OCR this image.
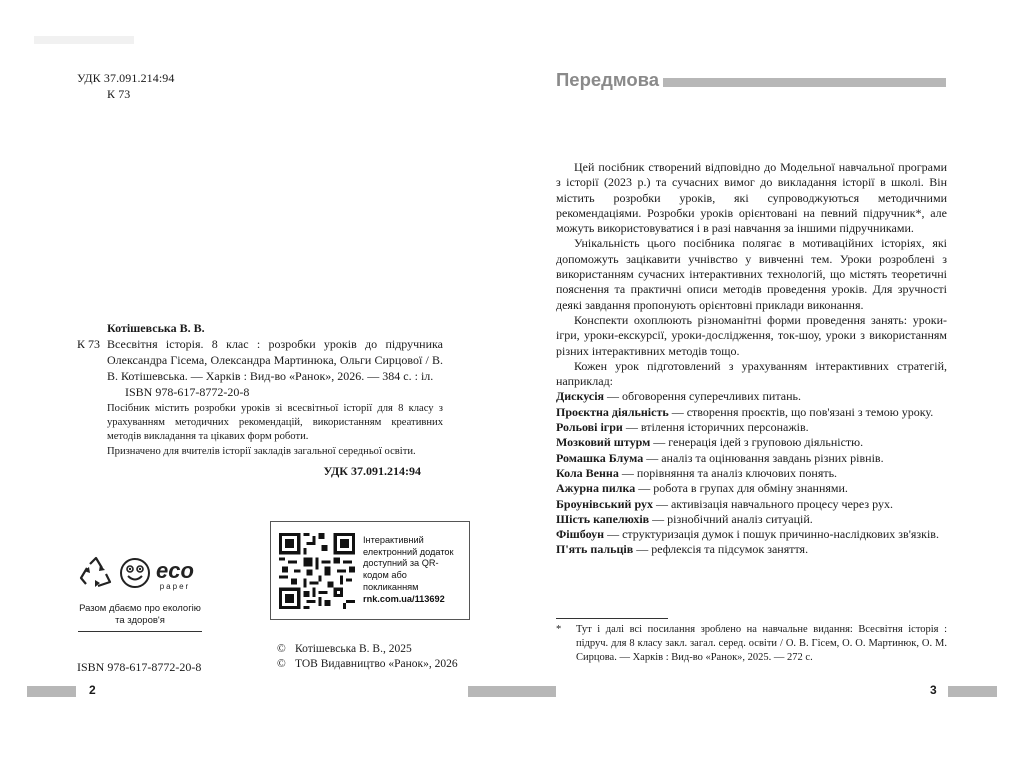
УДК 37.091.214:94
К 73
Котішевська В. В.
К 73 Всесвітня історія. 8 клас : розробки уроків до підручника Олександра Гісема, Олександра Мартинюка, Ольги Сирцової / В. В. Котішевська. — Харків : Вид-во «Ранок», 2026. — 384 с. : іл.
ISBN 978-617-8772-20-8
Посібник містить розробки уроків зі всесвітньої історії для 8 класу з урахуванням методичних рекомендацій, використанням креативних методів викладання та цікавих форм роботи.
Призначено для вчителів історії закладів загальної середньої освіти.
УДК 37.091.214:94
eco
paper
Разом дбаємо про екологію та здоров'я
Інтерактивний електронний додаток доступний за QR-кодом або покликанням
rnk.com.ua/113692
ISBN 978-617-8772-20-8
© Котішевська В. В., 2025
© ТОВ Видавництво «Ранок», 2026
2
Передмова

Цей посібник створений відповідно до Модельної навчальної програми з історії (2023 р.) та сучасних вимог до викладання історії в школі. Він містить розробки уроків, які супроводжуються методичними рекомендаціями. Розробки уроків орієнтовані на певний підручник*, але можуть використовуватися і в разі навчання за іншими підручниками.

Унікальність цього посібника полягає в мотиваційних історіях, які допоможуть зацікавити учнівство у вивченні тем. Уроки розроблені з використанням сучасних інтерактивних технологій, що містять теоретичні пояснення та практичні описи методів проведення уроків. Для зручності деякі завдання пропонують орієнтовні приклади виконання.

Конспекти охоплюють різноманітні форми проведення занять: уроки-ігри, уроки-екскурсії, уроки-дослідження, ток-шоу, уроки з використанням різних інтерактивних методів тощо.

Кожен урок підготовлений з урахуванням інтерактивних стратегій, наприклад:

Дискусія — обговорення суперечливих питань.
Проєктна діяльність — створення проєктів, що пов'язані з темою уроку.
Рольові ігри — втілення історичних персонажів.
Мозковий штурм — генерація ідей з груповою діяльністю.
Ромашка Блума — аналіз та оцінювання завдань різних рівнів.
Кола Венна — порівняння та аналіз ключових понять.
Ажурна пилка — робота в групах для обміну знаннями.
Броунівський рух — активізація навчального процесу через рух.
Шість капелюхів — різнобічний аналіз ситуацій.
Фішбоун — структуризація думок і пошук причинно-наслідкових зв'язків.
П'ять пальців — рефлексія та підсумок заняття.
*	Тут і далі всі посилання зроблено на навчальне видання: Всесвітня історія : підруч. для 8 класу закл. загал. серед. освіти / О. В. Гісем, О. О. Мартинюк, О. М. Сирцова. — Харків : Вид-во «Ранок», 2025. — 272 с.
3
